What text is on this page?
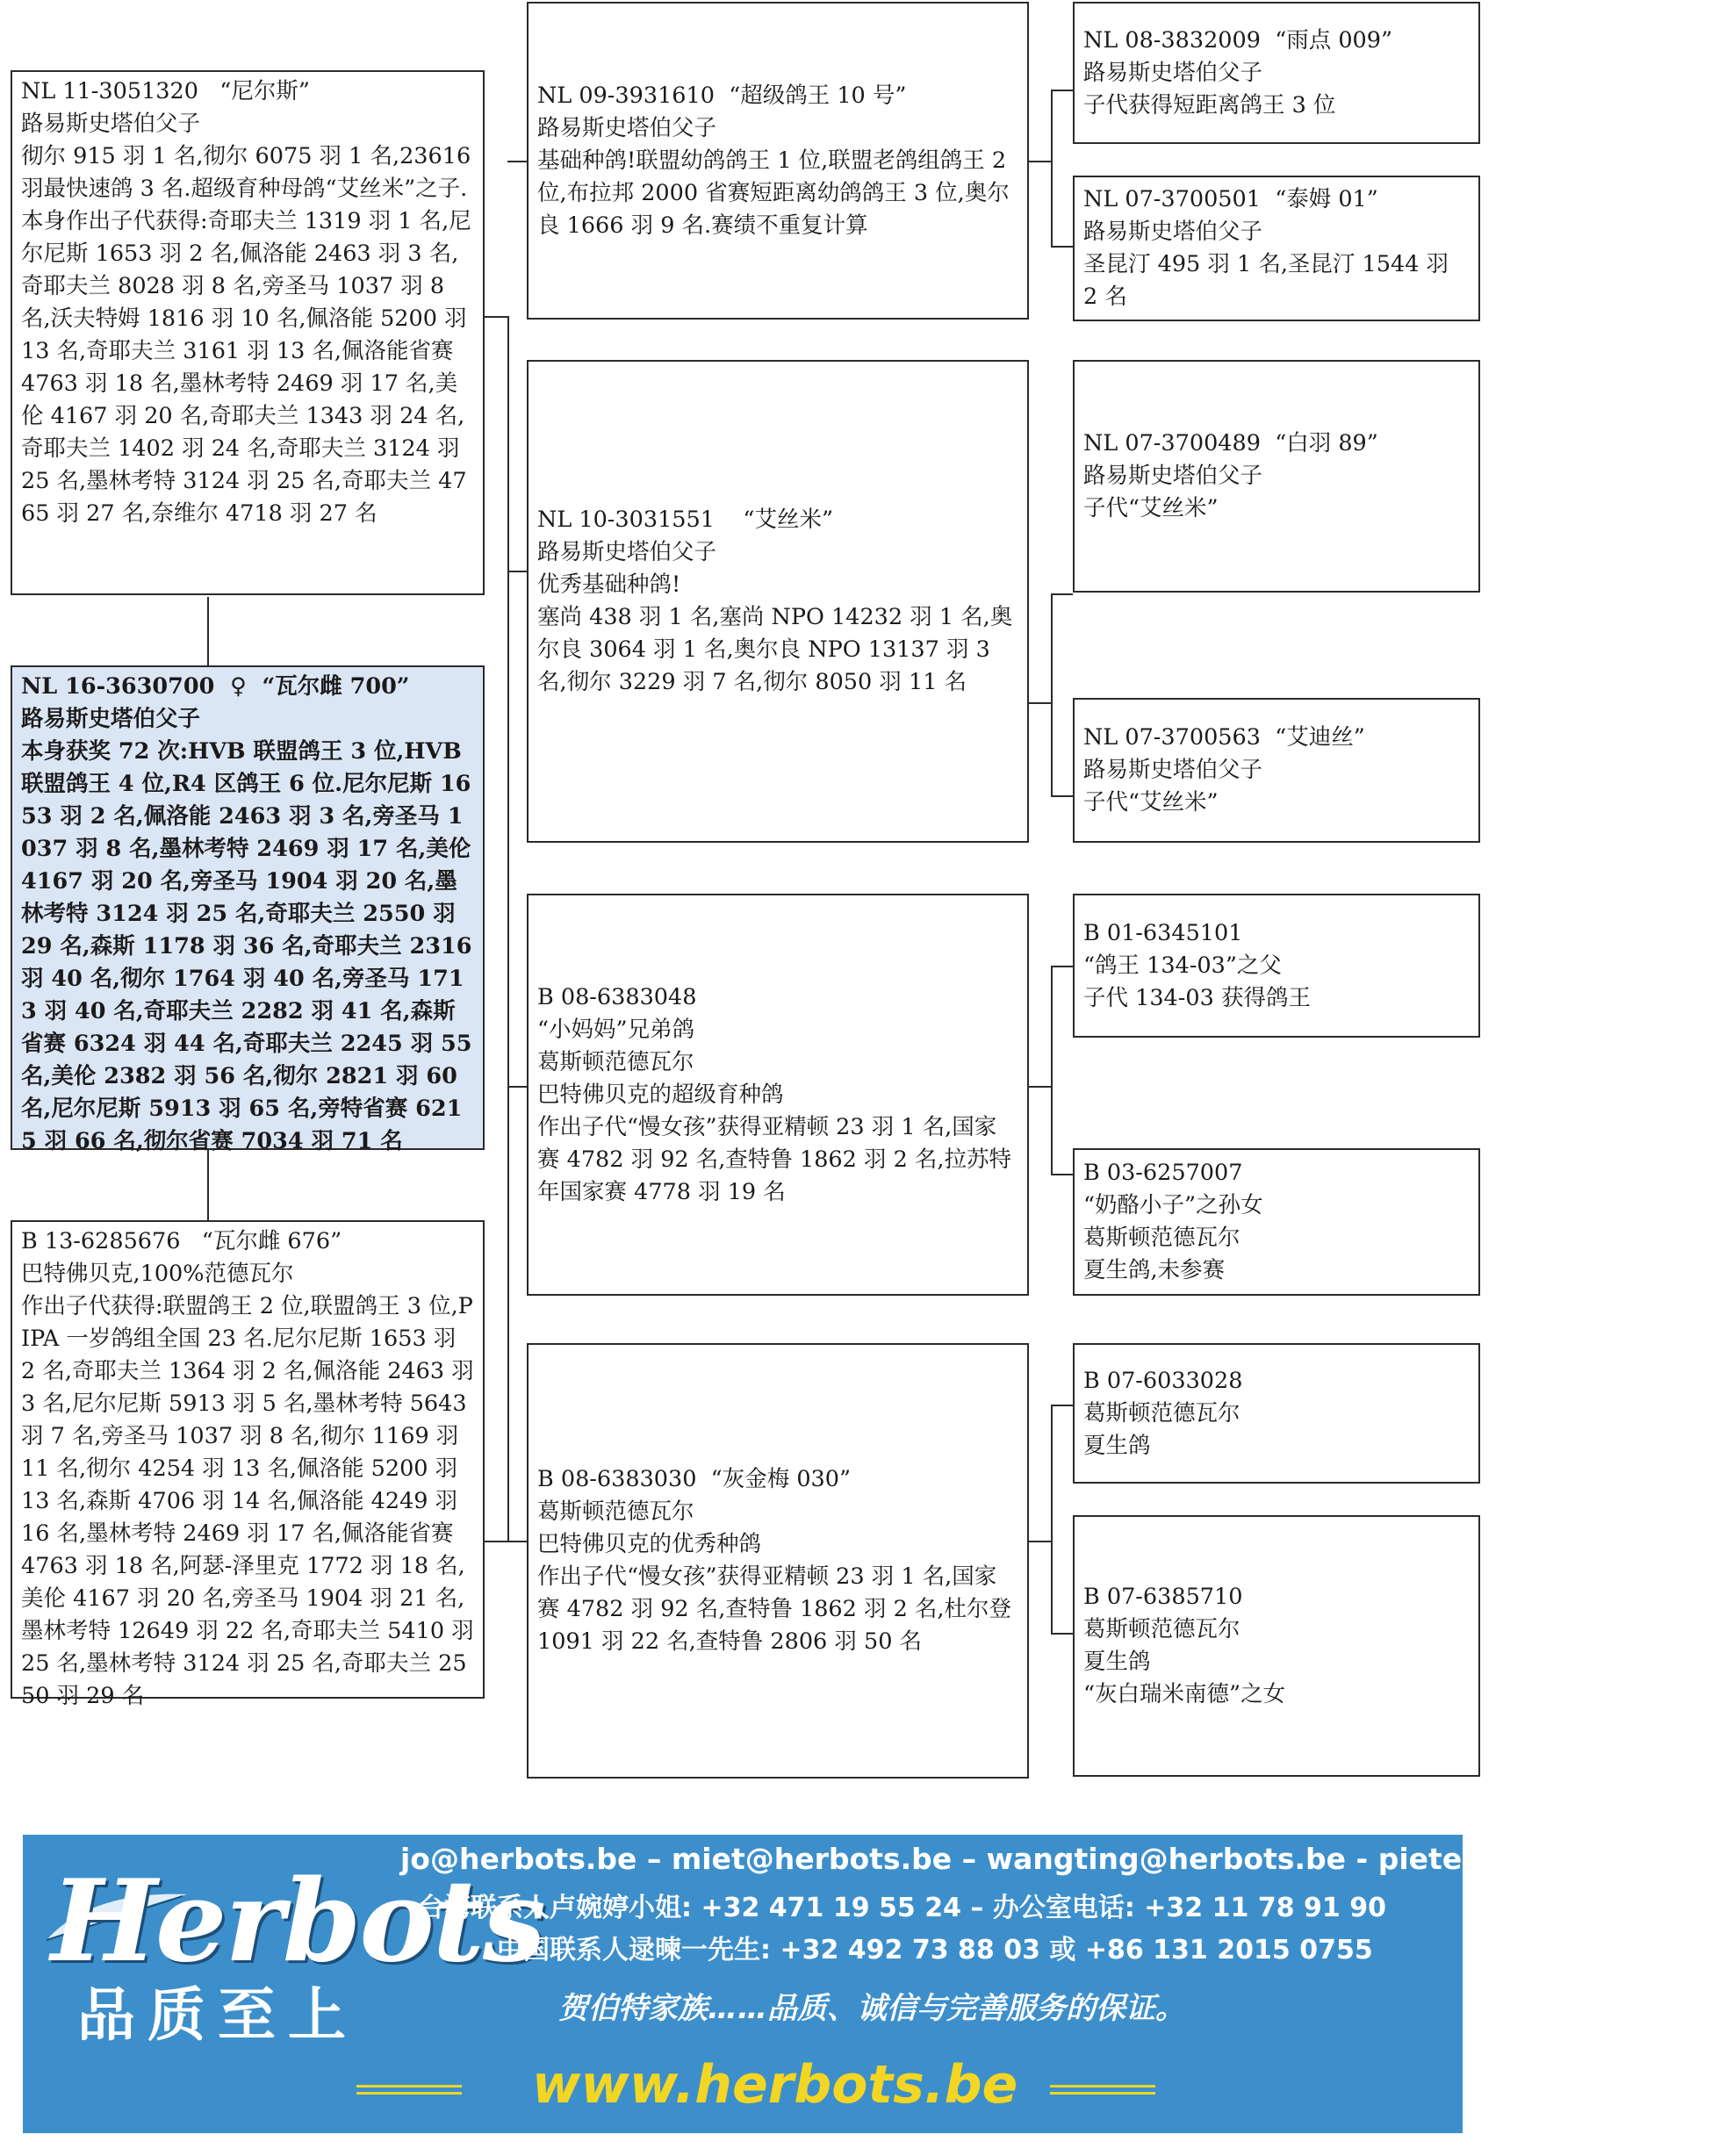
NL 11-3051320   “尼尔斯”
路易斯史塔伯父子
彻尔 915 羽 1 名,彻尔 6075 羽 1 名,23616 羽最快速鸽 3 名.超级育种母鸽“艾丝米”之子.本身作出子代获得:奇耶夫兰 1319 羽 1 名,尼尔尼斯 1653 羽 2 名,佩洛能 2463 羽 3 名,奇耶夫兰 8028 羽 8 名,旁圣马 1037 羽 8 名,沃夫特姆 1816 羽 10 名,佩洛能 5200 羽 13 名,奇耶夫兰 3161 羽 13 名,佩洛能省赛 4763 羽 18 名,墨林考特 2469 羽 17 名,美伦 4167 羽 20 名,奇耶夫兰 1343 羽 24 名,奇耶夫兰 1402 羽 24 名,奇耶夫兰 3124 羽 25 名,墨林考特 3124 羽 25 名,奇耶夫兰 4765 羽 27 名,奈维尔 4718 羽 27 名
NL 16-3630700  ♀  “瓦尔雌 700”
路易斯史塔伯父子
本身获奖 72 次:HVB 联盟鸽王 3 位,HVB 联盟鸽王 4 位,R4 区鸽王 6 位.尼尔尼斯 1653 羽 2 名,佩洛能 2463 羽 3 名,旁圣马 1037 羽 8 名,墨林考特 2469 羽 17 名,美伦 4167 羽 20 名,旁圣马 1904 羽 20 名,墨林考特 3124 羽 25 名,奇耶夫兰 2550 羽 29 名,森斯 1178 羽 36 名,奇耶夫兰 2316 羽 40 名,彻尔 1764 羽 40 名,旁圣马 1713 羽 40 名,奇耶夫兰 2282 羽 41 名,森斯省赛 6324 羽 44 名,奇耶夫兰 2245 羽 55 名,美伦 2382 羽 56 名,彻尔 2821 羽 60 名,尼尔尼斯 5913 羽 65 名,旁特省赛 6215 羽 66 名,彻尔省赛 7034 羽 71 名
B 13-6285676   “瓦尔雌 676”
巴特佛贝克,100%范德瓦尔
作出子代获得:联盟鸽王 2 位,联盟鸽王 3 位,PIPA 一岁鸽组全国 23 名.尼尔尼斯 1653 羽 2 名,奇耶夫兰 1364 羽 2 名,佩洛能 2463 羽 3 名,尼尔尼斯 5913 羽 5 名,墨林考特 5643 羽 7 名,旁圣马 1037 羽 8 名,彻尔 1169 羽 11 名,彻尔 4254 羽 13 名,佩洛能 5200 羽 13 名,森斯 4706 羽 14 名,佩洛能 4249 羽 16 名,墨林考特 2469 羽 17 名,佩洛能省赛 4763 羽 18 名,阿瑟-泽里克 1772 羽 18 名,美伦 4167 羽 20 名,旁圣马 1904 羽 21 名,墨林考特 12649 羽 22 名,奇耶夫兰 5410 羽 25 名,墨林考特 3124 羽 25 名,奇耶夫兰 2550 羽 29 名
NL 09-3931610  “超级鸽王 10 号”
路易斯史塔伯父子
基础种鸽!联盟幼鸽鸽王 1 位,联盟老鸽组鸽王 2 位,布拉邦 2000 省赛短距离幼鸽鸽王 3 位,奥尔良 1666 羽 9 名.赛绩不重复计算
NL 10-3031551    “艾丝米”
路易斯史塔伯父子
优秀基础种鸽!
塞尚 438 羽 1 名,塞尚 NPO 14232 羽 1 名,奥尔良 3064 羽 1 名,奥尔良 NPO 13137 羽 3 名,彻尔 3229 羽 7 名,彻尔 8050 羽 11 名
B 08-6383048
“小妈妈”兄弟鸽
葛斯顿范德瓦尔
巴特佛贝克的超级育种鸽
作出子代“慢女孩”获得亚精顿 23 羽 1 名,国家赛 4782 羽 92 名,查特鲁 1862 羽 2 名,拉苏特年国家赛 4778 羽 19 名
B 08-6383030  “灰金梅 030”
葛斯顿范德瓦尔
巴特佛贝克的优秀种鸽
作出子代“慢女孩”获得亚精顿 23 羽 1 名,国家赛 4782 羽 92 名,查特鲁 1862 羽 2 名,杜尔登 1091 羽 22 名,查特鲁 2806 羽 50 名
NL 08-3832009  “雨点 009”
路易斯史塔伯父子
子代获得短距离鸽王 3 位
NL 07-3700501  “泰姆 01”
路易斯史塔伯父子
圣昆汀 495 羽 1 名,圣昆汀 1544 羽 2 名
NL 07-3700489  “白羽 89”
路易斯史塔伯父子
子代“艾丝米”
NL 07-3700563  “艾迪丝”
路易斯史塔伯父子
子代“艾丝米”
B 01-6345101
“鸽王 134-03”之父
子代 134-03 获得鸽王
B 03-6257007
“奶酪小子”之孙女
葛斯顿范德瓦尔
夏生鸽,未参赛
B 07-6033028
葛斯顿范德瓦尔
夏生鸽
B 07-6385710
葛斯顿范德瓦尔
夏生鸽
“灰白瑞米南德”之女
Herbots
品质至上
jo@herbots.be – miet@herbots.be – wangting@herbots.be - pieterjan@herbots.be
台湾联系人卢婉婷小姐: +32 471 19 55 24 – 办公室电话: +32 11 78 91 90
中国联系人逯暕一先生: +32 492 73 88 03 或 +86 131 2015 0755
贺伯特家族……品质、诚信与完善服务的保证。
www.herbots.be
